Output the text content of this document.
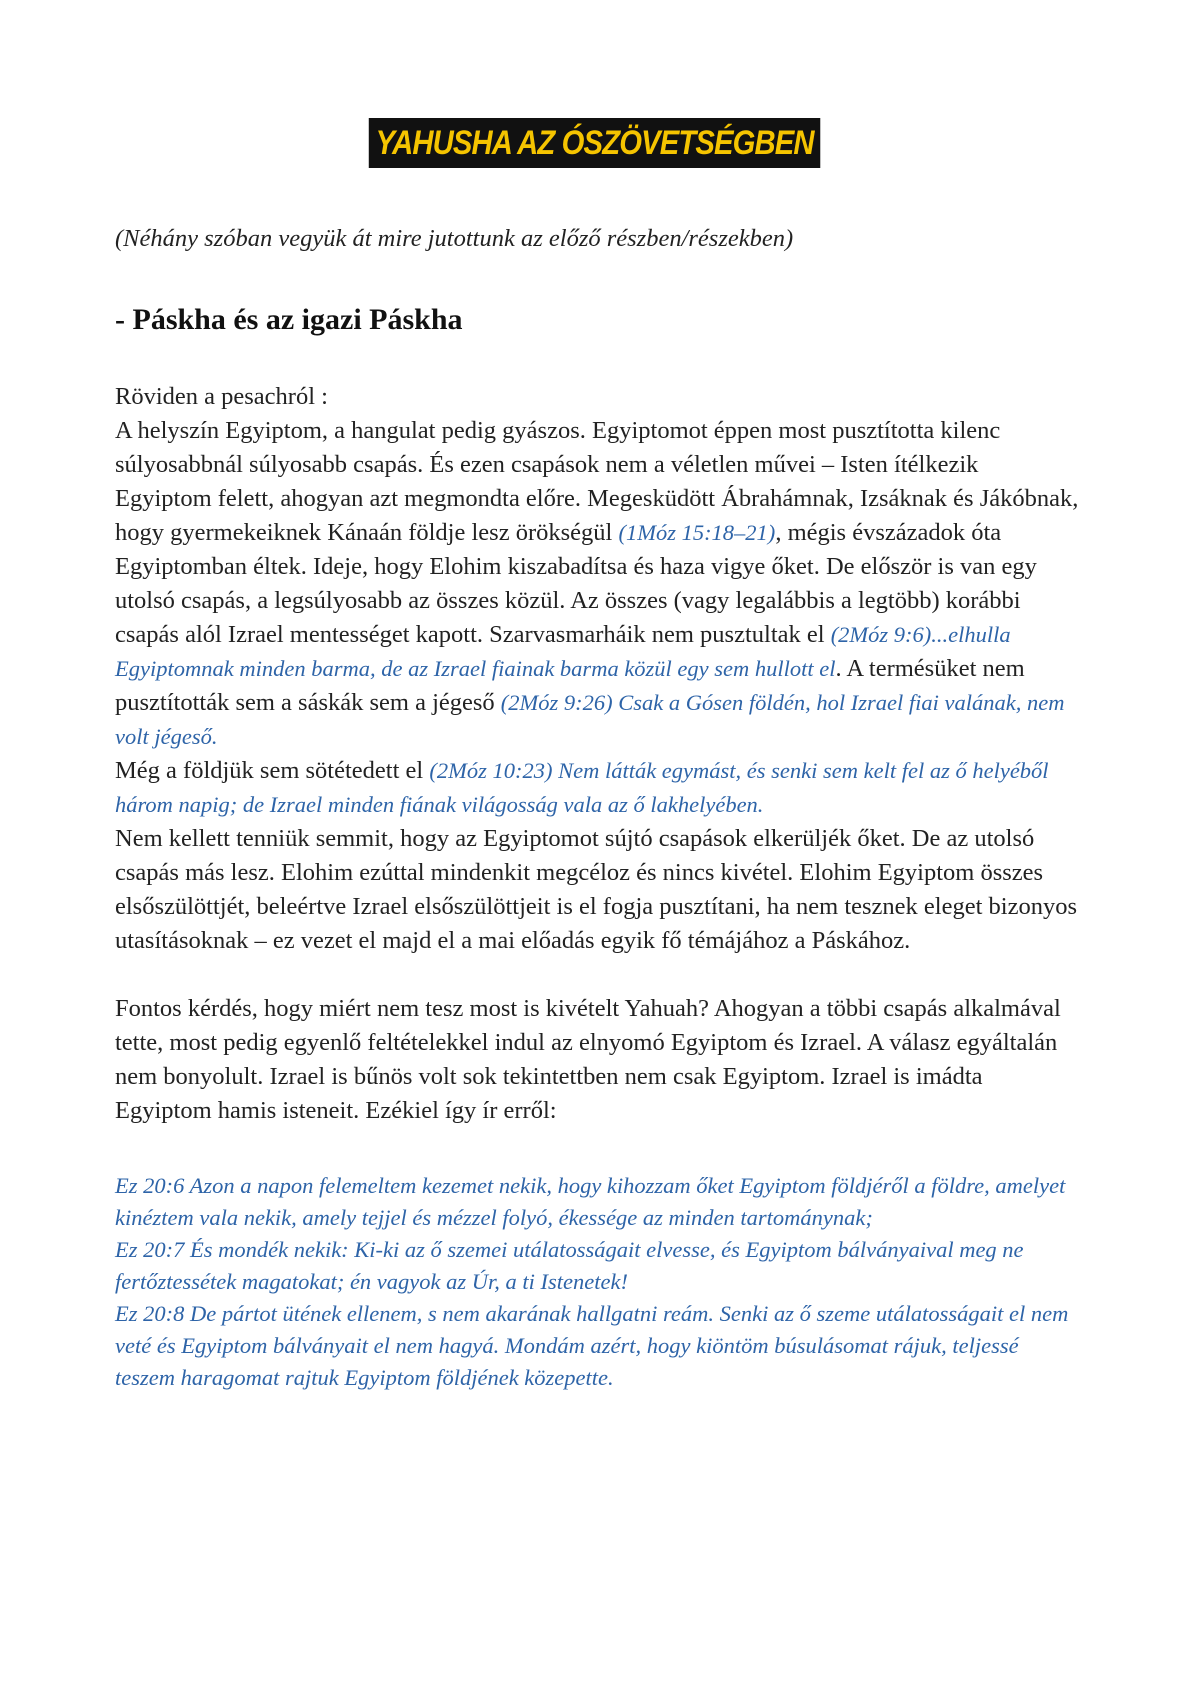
YAHUSHA AZ ÓSZÖVETSÉGBEN

(Néhány szóban vegyük át mire jutottunk az előző részben/részekben)

- Páskha és az igazi Páskha

Röviden a pesachról :

A helyszín Egyiptom, a hangulat pedig gyászos. Egyiptomot éppen most pusztította kilenc súlyosabbnál súlyosabb csapás. És ezen csapások nem a véletlen művei – Isten ítélkezik Egyiptom felett, ahogyan azt megmondta előre. Megesküdött Ábrahámnak, Izsáknak és Jákóbnak, hogy gyermekeiknek Kánaán földje lesz örökségül (1Móz 15:18–21), mégis évszázadok óta Egyiptomban éltek. Ideje, hogy Elohim kiszabadítsa és haza vigye őket. De először is van egy utolsó csapás, a legsúlyosabb az összes közül. Az összes (vagy legalábbis a legtöbb) korábbi csapás alól Izrael mentességet kapott. Szarvasmarháik nem pusztultak el (2Móz 9:6)...elhulla Egyiptomnak minden barma, de az Izrael fiainak barma közül egy sem hullott el. A termésüket nem pusztították sem a sáskák sem a jégeső (2Móz 9:26) Csak a Gósen földén, hol Izrael fiai valának, nem volt jégeső.

Még a földjük sem sötétedett el (2Móz 10:23) Nem látták egymást, és senki sem kelt fel az ő helyéből három napig; de Izrael minden fiának világosság vala az ő lakhelyében.

Nem kellett tenniük semmit, hogy az Egyiptomot sújtó csapások elkerüljék őket. De az utolsó csapás más lesz. Elohim ezúttal mindenkit megcéloz és nincs kivétel. Elohim Egyiptom összes elsőszülöttjét, beleértve Izrael elsőszülöttjeit is el fogja pusztítani, ha nem tesznek eleget bizonyos utasításoknak – ez vezet el majd el a mai előadás egyik fő témájához a Páskához.

Fontos kérdés, hogy miért nem tesz most is kivételt Yahuah? Ahogyan a többi csapás alkalmával tette, most pedig egyenlő feltételekkel indul az elnyomó Egyiptom és Izrael. A válasz egyáltalán nem bonyolult. Izrael is bűnös volt sok tekintettben nem csak Egyiptom. Izrael is imádta Egyiptom hamis isteneit. Ezékiel így ír erről:

Ez 20:6 Azon a napon felemeltem kezemet nekik, hogy kihozzam őket Egyiptom földjéről a földre, amelyet kinéztem vala nekik, amely tejjel és mézzel folyó, ékessége az minden tartománynak;

Ez 20:7 És mondék nekik: Ki-ki az ő szemei utálatosságait elvesse, és Egyiptom bálványaival meg ne fertőztessétek magatokat; én vagyok az Úr, a ti Istenetek!

Ez 20:8 De pártot ütének ellenem, s nem akarának hallgatni reám. Senki az ő szeme utálatosságait el nem veté és Egyiptom bálványait el nem hagyá. Mondám azért, hogy kiöntöm búsulásomat rájuk, teljessé teszem haragomat rajtuk Egyiptom földjének közepette.
